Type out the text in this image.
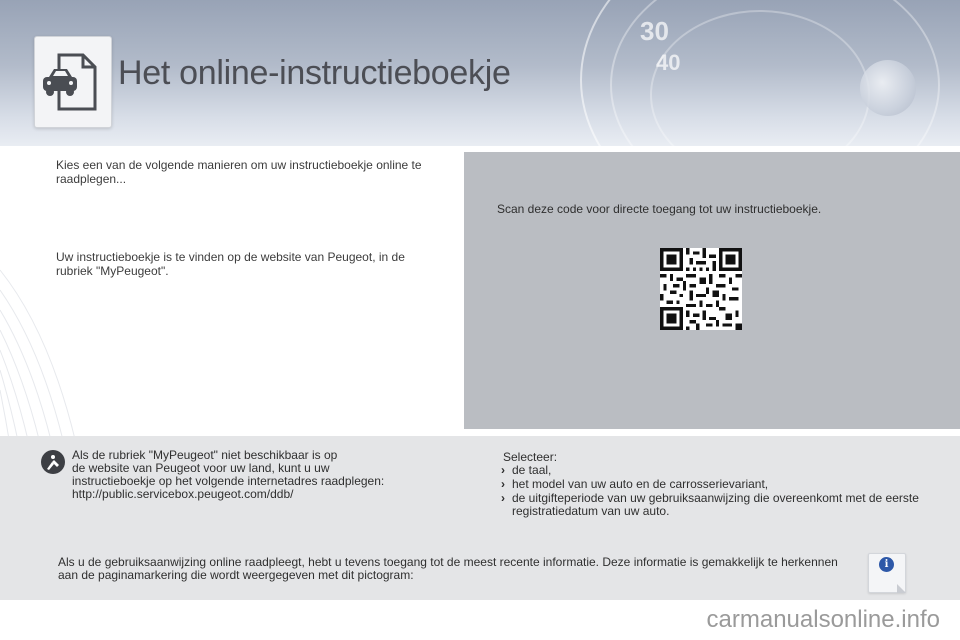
30
40
Het online-instructieboekje
Kies een van de volgende manieren om uw instructieboekje online te raadplegen...
Uw instructieboekje is te vinden op de website van Peugeot, in de rubriek "MyPeugeot".
Scan deze code voor directe toegang tot uw instructieboekje.

Als de rubriek "MyPeugeot" niet beschikbaar is op

de website van Peugeot voor uw land, kunt u uw

instructieboekje op het volgende internetadres raadplegen:

http://public.servicebox.peugeot.com/ddb/

Selecteer:
› de taal,
› het model van uw auto en de carrosserievariant,
› de uitgifteperiode van uw gebruiksaanwijzing die overeenkomt met de eerste registratiedatum van uw auto.
Als u de gebruiksaanwijzing online raadpleegt, hebt u tevens toegang tot de meest recente informatie. Deze informatie is gemakkelijk te herkennen aan de paginamarkering die wordt weergegeven met dit pictogram:
i
carmanualsonline.info
